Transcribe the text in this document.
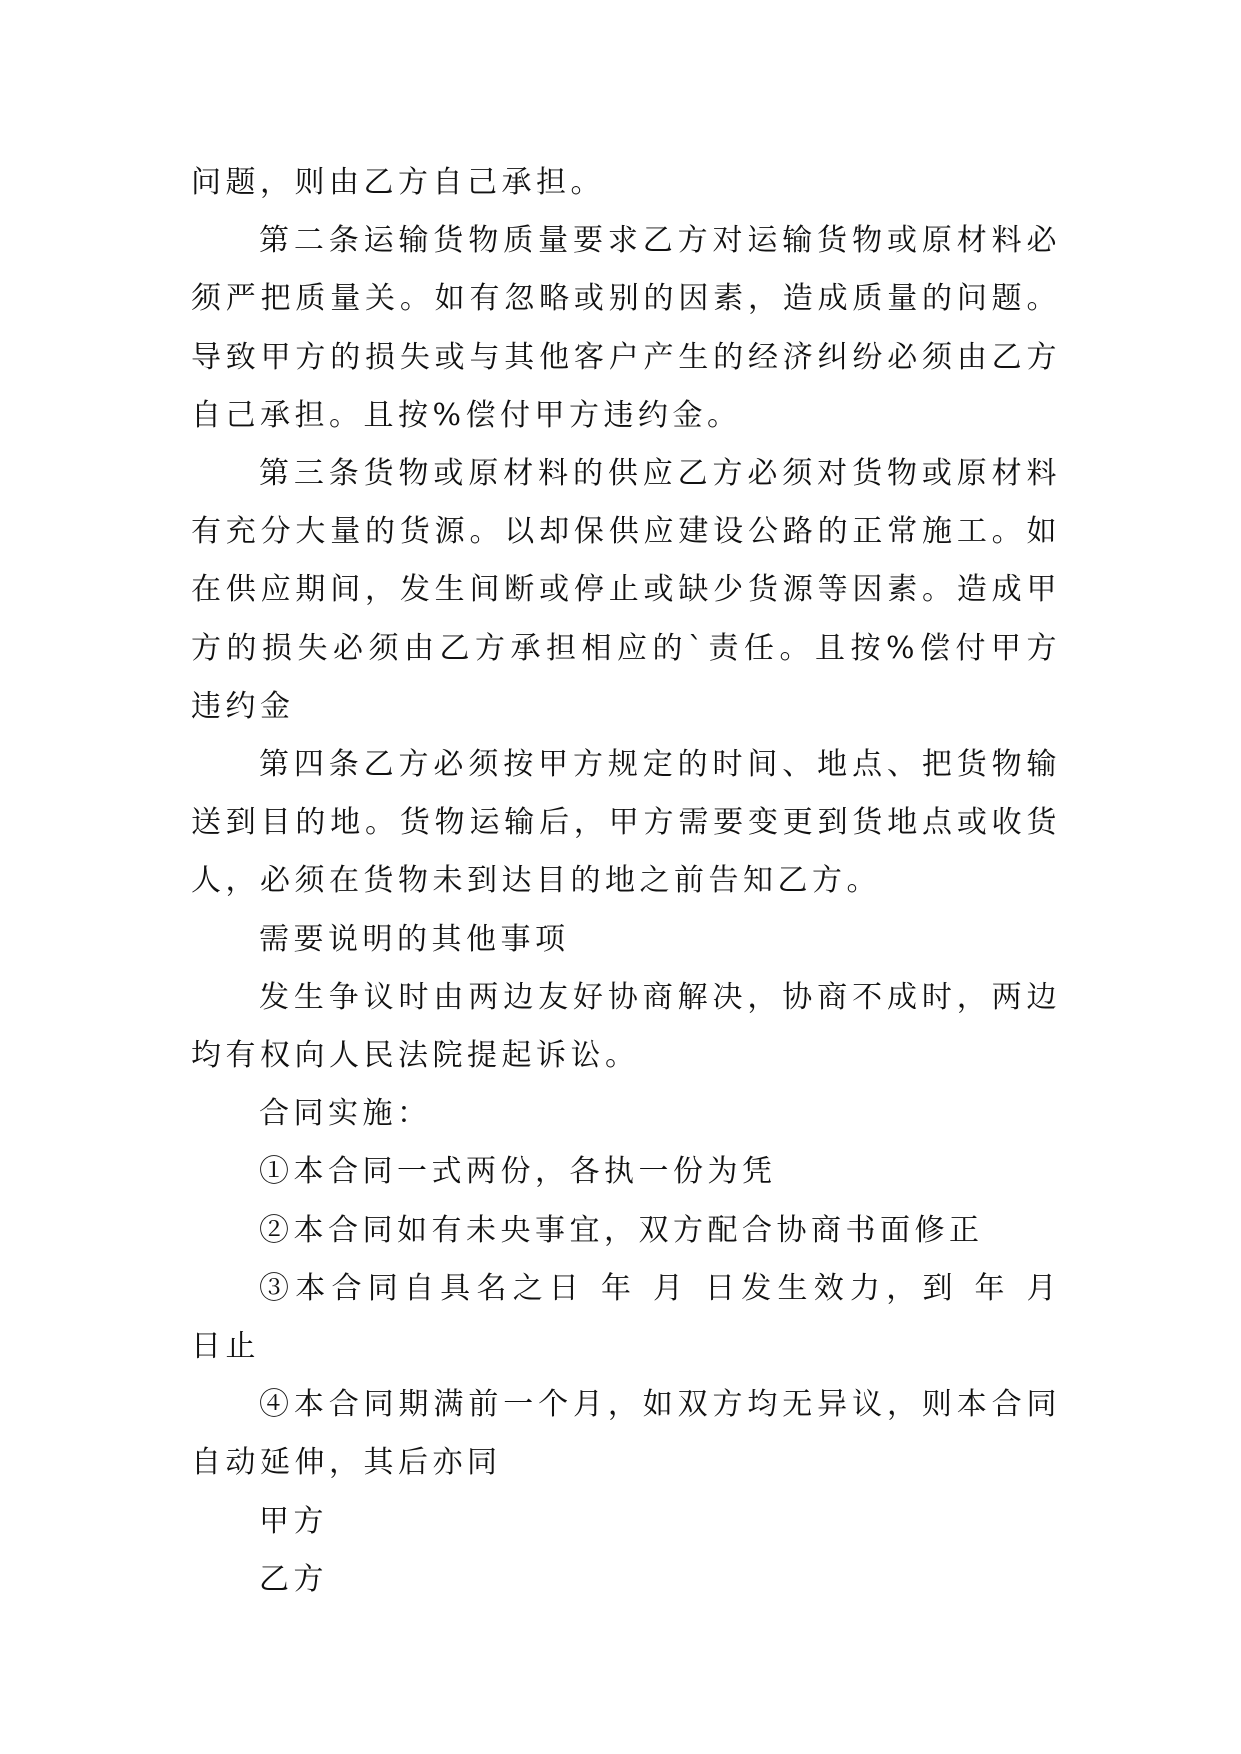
问题，则由乙方自己承担。

第二条运输货物质量要求乙方对运输货物或原材料必须严把质量关。如有忽略或别的因素，造成质量的问题。导致甲方的损失或与其他客户产生的经济纠纷必须由乙方自己承担。且按%偿付甲方违约金。

第三条货物或原材料的供应乙方必须对货物或原材料有充分大量的货源。以却保供应建设公路的正常施工。如在供应期间，发生间断或停止或缺少货源等因素。造成甲方的损失必须由乙方承担相应的`责任。且按%偿付甲方违约金

第四条乙方必须按甲方规定的时间、地点、把货物输送到目的地。货物运输后，甲方需要变更到货地点或收货人，必须在货物未到达目的地之前告知乙方。

需要说明的其他事项

发生争议时由两边友好协商解决，协商不成时，两边均有权向人民法院提起诉讼。

合同实施：

①本合同一式两份，各执一份为凭

②本合同如有未央事宜，双方配合协商书面修正

③本合同自具名之日 年 月 日发生效力，到 年 月 日止

④本合同期满前一个月，如双方均无异议，则本合同自动延伸，其后亦同

甲方

乙方
